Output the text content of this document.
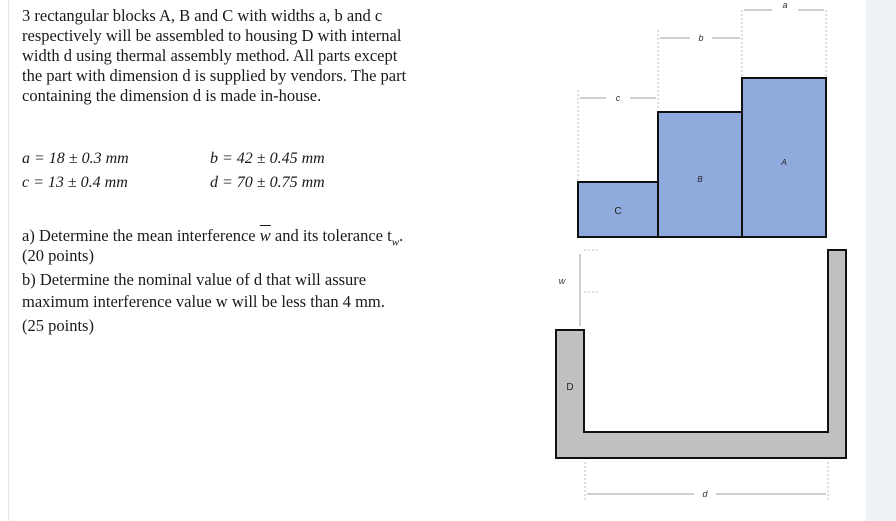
3 rectangular blocks A, B and C with widths a, b and c
respectively will be assembled to housing D with internal
width d using thermal assembly method. All parts except
the part with dimension d is supplied by vendors. The part
containing the dimension d is made in-house.
a = 18 ± 0.3 mm	b = 42 ± 0.45 mm
c = 13 ± 0.4 mm	d = 70 ± 0.75 mm
a) Determine the mean interference $\overline{w}$ and its tolerance $t_w$.
(20 points)
b) Determine the nominal value of d that will assure
maximum interference value w will be less than 4 mm.
(25 points)
a
b
c
C
B
A
w
D
d
